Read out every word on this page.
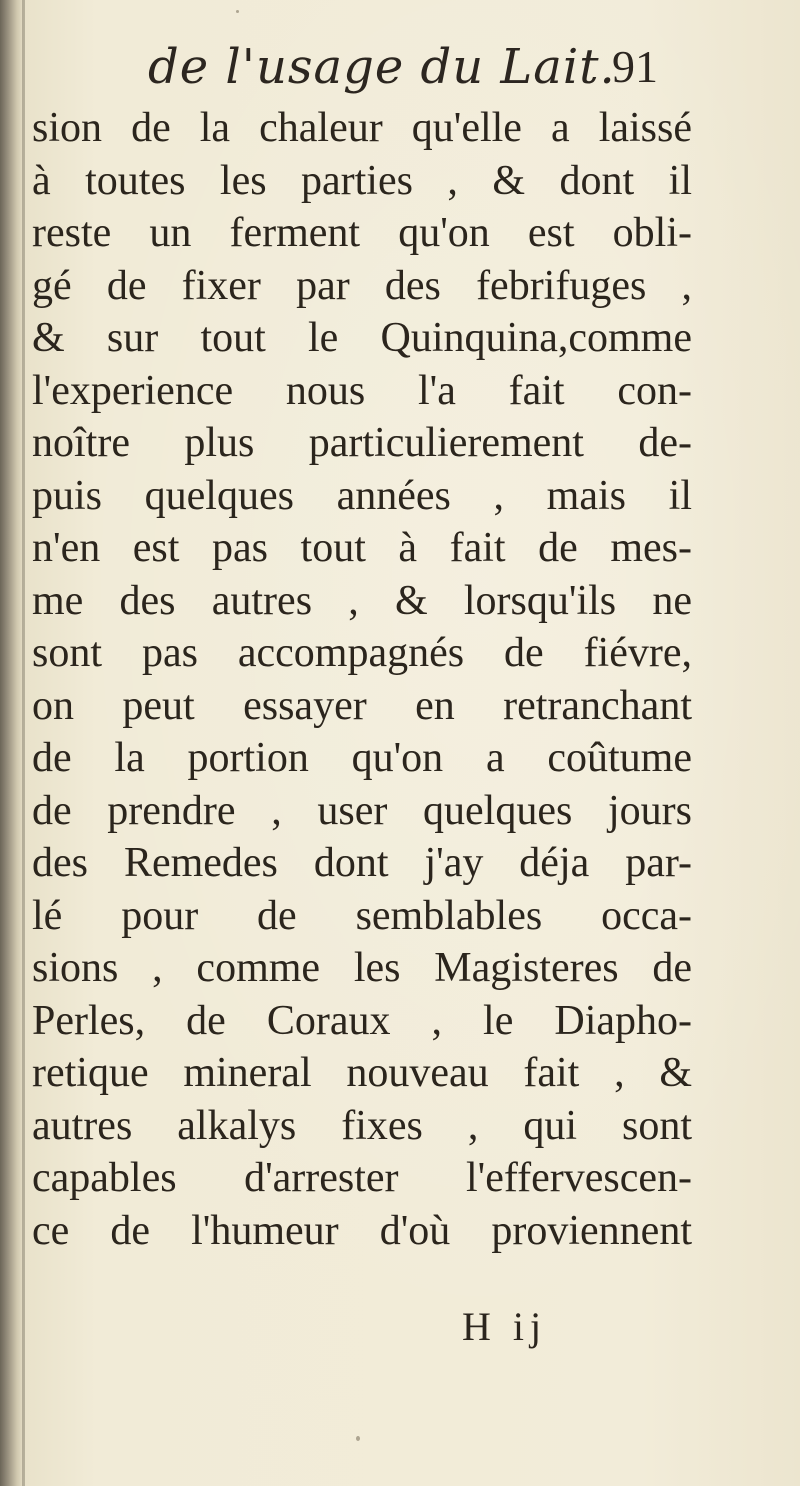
de l'usage du Lait.
91
sion de la chaleur qu'elle a laissé
à toutes les parties , & dont il
reste un ferment qu'on est obli-
gé de fixer par des febrifuges ,
& sur tout le Quinquina,comme
l'experience nous l'a fait con-
noître plus particulierement de-
puis quelques années , mais il
n'en est pas tout à fait de mes-
me des autres , & lorsqu'ils ne
sont pas accompagnés de fiévre,
on peut essayer en retranchant
de la portion qu'on a coûtume
de prendre , user quelques jours
des Remedes dont j'ay déja par-
lé pour de semblables occa-
sions , comme les Magisteres de
Perles, de Coraux , le Diapho-
retique mineral nouveau fait , &
autres alkalys fixes , qui sont
capables d'arrester l'effervescen-
ce de l'humeur d'où proviennent
H ij
